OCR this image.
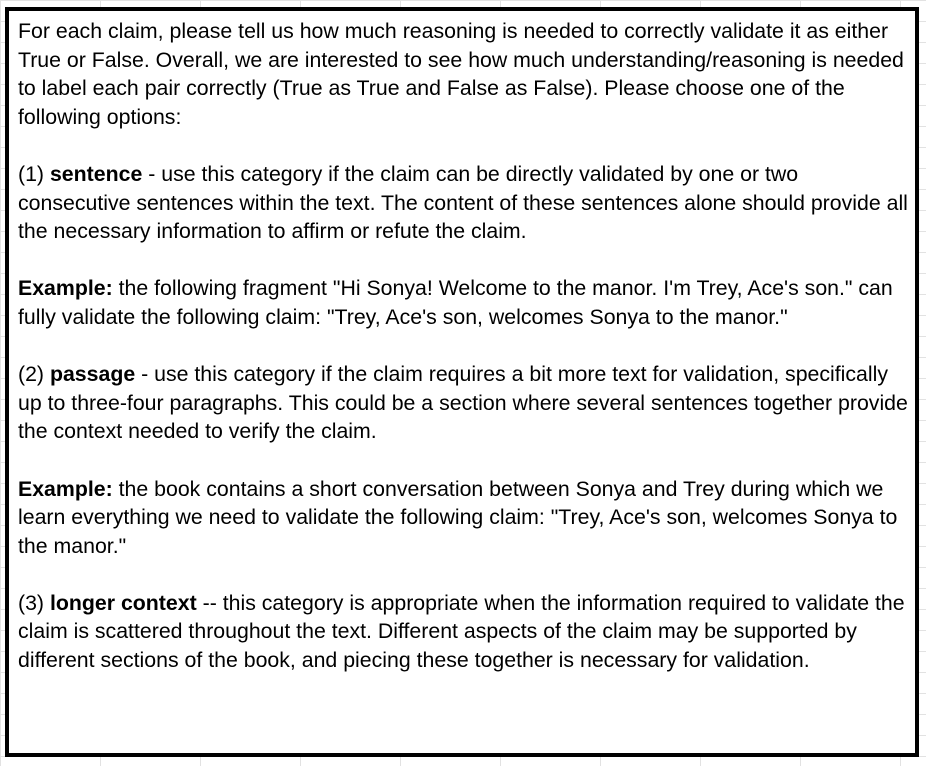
For each claim, please tell us how much reasoning is needed to correctly validate it as either True or False. Overall, we are interested to see how much understanding/reasoning is needed to label each pair correctly (True as True and False as False). Please choose one of the following options:

(1) sentence - use this category if the claim can be directly validated by one or two consecutive sentences within the text. The content of these sentences alone should provide all the necessary information to affirm or refute the claim.

Example: the following fragment "Hi Sonya! Welcome to the manor. I'm Trey, Ace's son." can fully validate the following claim: "Trey, Ace's son, welcomes Sonya to the manor."

(2) passage - use this category if the claim requires a bit more text for validation, specifically up to three-four paragraphs. This could be a section where several sentences together provide the context needed to verify the claim.

Example: the book contains a short conversation between Sonya and Trey during which we learn everything we need to validate the following claim: "Trey, Ace's son, welcomes Sonya to the manor."

(3) longer context -- this category is appropriate when the information required to validate the claim is scattered throughout the text. Different aspects of the claim may be supported by different sections of the book, and piecing these together is necessary for validation.
